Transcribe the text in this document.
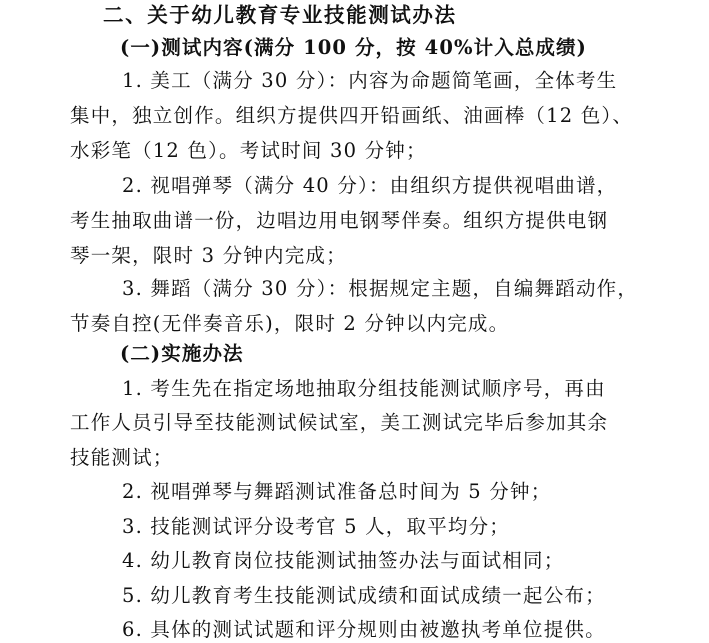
二、关于幼儿教育专业技能测试办法
(一)测试内容(满分 100 分，按 40%计入总成绩)
1. 美工（满分 30 分）：内容为命题简笔画，全体考生
集中，独立创作。组织方提供四开铅画纸、油画棒（12 色）、
水彩笔（12 色）。考试时间 30 分钟；
2. 视唱弹琴（满分 40 分）：由组织方提供视唱曲谱，
考生抽取曲谱一份，边唱边用电钢琴伴奏。组织方提供电钢
琴一架，限时 3 分钟内完成；
3. 舞蹈（满分 30 分）：根据规定主题，自编舞蹈动作，
节奏自控(无伴奏音乐)，限时 2 分钟以内完成。
(二)实施办法
1. 考生先在指定场地抽取分组技能测试顺序号，再由
工作人员引导至技能测试候试室，美工测试完毕后参加其余
技能测试；
2. 视唱弹琴与舞蹈测试准备总时间为 5 分钟；
3. 技能测试评分设考官 5 人，取平均分；
4. 幼儿教育岗位技能测试抽签办法与面试相同；
5. 幼儿教育考生技能测试成绩和面试成绩一起公布；
6. 具体的测试试题和评分规则由被邀执考单位提供。
